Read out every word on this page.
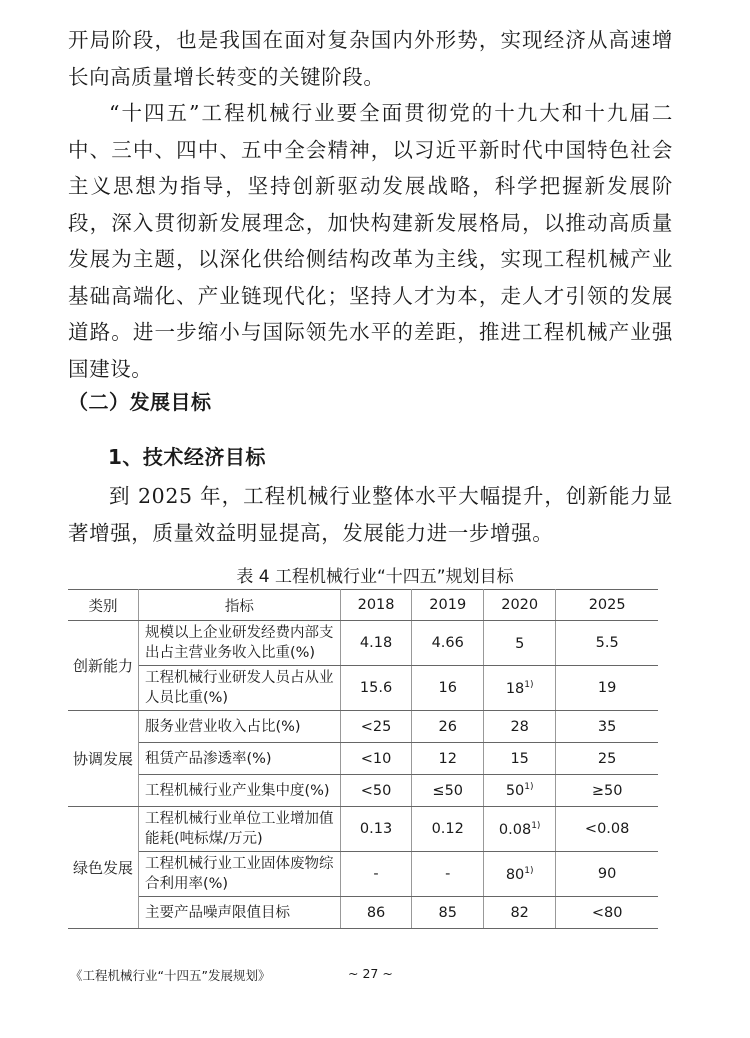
开局阶段，也是我国在面对复杂国内外形势，实现经济从高速增长向高质量增长转变的关键阶段。

“十四五”工程机械行业要全面贯彻党的十九大和十九届二中、三中、四中、五中全会精神，以习近平新时代中国特色社会主义思想为指导，坚持创新驱动发展战略，科学把握新发展阶段，深入贯彻新发展理念，加快构建新发展格局，以推动高质量发展为主题，以深化供给侧结构改革为主线，实现工程机械产业基础高端化、产业链现代化；坚持人才为本，走人才引领的发展道路。进一步缩小与国际领先水平的差距，推进工程机械产业强国建设。

（二）发展目标
1、技术经济目标

到 2025 年，工程机械行业整体水平大幅提升，创新能力显著增强，质量效益明显提高，发展能力进一步增强。

表 4 工程机械行业“十四五”规划目标
类别	指标	2018	2019	2020	2025
创新能力	规模以上企业研发经费内部支出占主营业务收入比重(%)	4.18	4.66	5	5.5
	工程机械行业研发人员占从业人员比重(%)	15.6	16	18$^{1)}$	19
协调发展	服务业营业收入占比(%)	<25	26	28	35
	租赁产品渗透率(%)	<10	12	15	25
	工程机械行业产业集中度(%)	<50	≤50	$50^{1)}$	≥50
绿色发展	工程机械行业单位工业增加值能耗(吨标煤/万元)	0.13	0.12	$0.08^{1)}$	<0.08
	工程机械行业工业固体废物综合利用率(%)	-	-	80$^{1)}$	90
	主要产品噪声限值目标	86	85	82	<80
《工程机械行业“十四五”发展规划》	~ 27 ~
